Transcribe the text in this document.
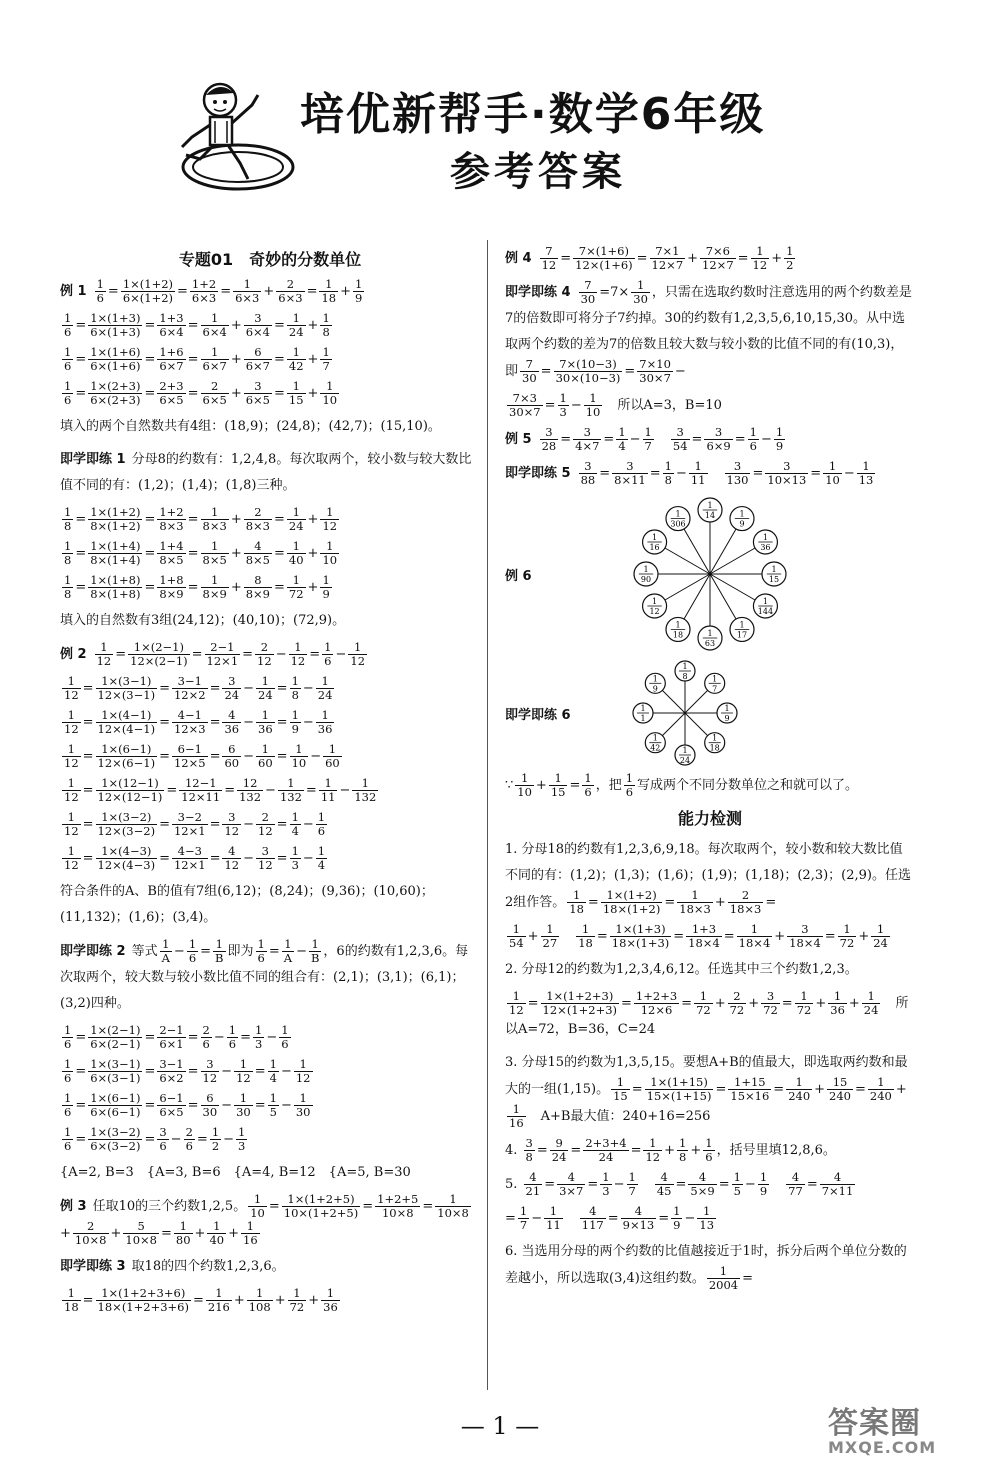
培优新帮手·数学6年级
参考答案
专题01　奇妙的分数单位
例 $1 \frac{1}{6} = \frac{1\times(1+2)}{6\times(1+2)} = \frac{1+2}{6\times 3} = \frac{1}{6\times 3} + \frac{2}{6\times 3} = \frac{1}{18} + \frac{1}{9}$
$\frac{1}{6} = \frac{1\times(1+3)}{6\times(1+3)} = \frac{1+3}{6\times 4} = \frac{1}{6\times 4} + \frac{3}{6\times 4} = \frac{1}{24} + \frac{1}{8}$
$\frac{1}{6} = \frac{1\times(1+6)}{6\times(1+6)} = \frac{1+6}{6\times 7} = \frac{1}{6\times 7} + \frac{6}{6\times 7} = \frac{1}{42} + \frac{1}{7}$
$\frac{1}{6} = \frac{1\times(2+3)}{6\times(2+3)} = \frac{2+3}{6\times 5} = \frac{2}{6\times 5} + \frac{3}{6\times 5} = \frac{1}{15} + \frac{1}{10}$
填入的两个自然数共有4组：(18,9)；(24,8)；(42,7)；(15,10)。
即学即练 1 分母8的约数有：1,2,4,8。每次取两个，较小数与较大数比值不同的有：(1,2)；(1,4)；(1,8)三种。
$\frac{1}{8} = \frac{1\times(1+2)}{8\times(1+2)} = \frac{1+2}{8\times 3} = \frac{1}{8\times 3} + \frac{2}{8\times 3} = \frac{1}{24} + \frac{1}{12}$
$\frac{1}{8} = \frac{1\times(1+4)}{8\times(1+4)} = \frac{1+4}{8\times 5} = \frac{1}{8\times 5} + \frac{4}{8\times 5} = \frac{1}{40} + \frac{1}{10}$
$\frac{1}{8} = \frac{1\times(1+8)}{8\times(1+8)} = \frac{1+8}{8\times 9} = \frac{1}{8\times 9} + \frac{8}{8\times 9} = \frac{1}{72} + \frac{1}{9}$
填入的自然数有3组(24,12)；(40,10)；(72,9)。
例 $2 \frac{1}{12} = \frac{1\times(2-1)}{12\times(2-1)} = \frac{2-1}{12\times 1} = \frac{2}{12} - \frac{1}{12} = \frac{1}{6} - \frac{1}{12}$
$\frac{1}{12} = \frac{1\times(3-1)}{12\times(3-1)} = \frac{3-1}{12\times 2} = \frac{3}{24} - \frac{1}{24} = \frac{1}{8} - \frac{1}{24}$
$\frac{1}{12} = \frac{1\times(4-1)}{12\times(4-1)} = \frac{4-1}{12\times 3} = \frac{4}{36} - \frac{1}{36} = \frac{1}{9} - \frac{1}{36}$
$\frac{1}{12} = \frac{1\times(6-1)}{12\times(6-1)} = \frac{6-1}{12\times 5} = \frac{6}{60} - \frac{1}{60} = \frac{1}{10} - \frac{1}{60}$
$\frac{1}{12} = \frac{1\times(12-1)}{12\times(12-1)} = \frac{12-1}{12\times 11} = \frac{12}{132} - \frac{1}{132} = \frac{1}{11} - \frac{1}{132}$
$\frac{1}{12} = \frac{1\times(3-2)}{12\times(3-2)} = \frac{3-2}{12\times 1} = \frac{3}{12} - \frac{2}{12} = \frac{1}{4} - \frac{1}{6}$
$\frac{1}{12} = \frac{1\times(4-3)}{12\times(4-3)} = \frac{4-3}{12\times 1} = \frac{4}{12} - \frac{3}{12} = \frac{1}{3} - \frac{1}{4}$
符合条件的A、B的值有7组(6,12)；(8,24)；(9,36)；(10,60)；(11,132)；(1,6)；(3,4)。
即学即练 2 等式 $\frac{1}{A} - \frac{1}{6} = \frac{1}{B}$ 即为 $\frac{1}{6} = \frac{1}{A} - \frac{1}{B}$ ，6的约数有1,2,3,6。每次取两个，较大数与较小数比值不同的组合有：(2,1)；(3,1)；(6,1)；(3,2)四种。
$\frac{1}{6} = \frac{1\times(2-1)}{6\times(2-1)} = \frac{2-1}{6\times 1} = \frac{2}{6} - \frac{1}{6} = \frac{1}{3} - \frac{1}{6}$
$\frac{1}{6} = \frac{1\times(3-1)}{6\times(3-1)} = \frac{3-1}{6\times 2} = \frac{3}{12} - \frac{1}{12} = \frac{1}{4} - \frac{1}{12}$
$\frac{1}{6} = \frac{1\times(6-1)}{6\times(6-1)} = \frac{6-1}{6\times 5} = \frac{6}{30} - \frac{1}{30} = \frac{1}{5} - \frac{1}{30}$
$\frac{1}{6} = \frac{1\times(3-2)}{6\times(3-2)} = \frac{3}{6} - \frac{2}{6} = \frac{1}{2} - \frac{1}{3}$
{A=2, B=3　{A=3, B=6　{A=4, B=12　{A=5, B=30
例 3 任取10的三个约数1,2,5。 $\frac{1}{10} = \frac{1\times(1+2+5)}{10\times(1+2+5)} = \frac{1+2+5}{10\times 8} = \frac{1}{10\times 8}$
+ $\frac{2}{10\times 8} + \frac{5}{10\times 8} = \frac{1}{80} + \frac{1}{40} + \frac{1}{16}$
即学即练 3 取18的四个约数1,2,3,6。
$\frac{1}{18} = \frac{1\times(1+2+3+6)}{18\times(1+2+3+6)} = \frac{1}{216} + \frac{1}{108} + \frac{1}{72} + \frac{1}{36}$
例 $4 \frac{7}{12} = \frac{7\times(1+6)}{12\times(1+6)} = \frac{7\times 1}{12\times 7} + \frac{7\times 6}{12\times 7} = \frac{1}{12} + \frac{1}{2}$
即学即练 $4 \frac{7}{30} =7\times \frac{1}{30}$ ，只需在选取约数时注意选用的两个约数差是7的倍数即可将分子7约掉。30的约数有1,2,3,5,6,10,15,30。从中选取两个约数的差为7的倍数且较大数与较小数的比值不同的有(10,3)，即 $\frac{7}{30} = \frac{7\times(10-3)}{30\times(10-3)} = \frac{7\times 10}{30\times 7}$ −
$\frac{7\times 3}{30\times 7} = \frac{1}{3} - \frac{1}{10}$ 　所以A=3，B=10
例 $5 \frac{3}{28} = \frac{3}{4\times 7} = \frac{1}{4} - \frac{1}{7}$
　 $\frac{3}{54} = \frac{3}{6\times 9} = \frac{1}{6} - \frac{1}{9}$
即学即练 $5 \frac{3}{88} = \frac{3}{8\times 11} = \frac{1}{8} - \frac{1}{11}$
　 $\frac{3}{130} = \frac{3}{10\times 13} = \frac{1}{10} - \frac{1}{13}$
例 6
1
14	1
9
1
36
1
15
1
144
1
17
1
63
1
18
1
12
1
90
1
16
1
306
即学即练 6
1
8	1
7
1
9
1
18
1
24
1
42
1
1
1
9
∵ $\frac{1}{10} + \frac{1}{15} = \frac{1}{6}$ ，把 $\frac{1}{6}$ 写成两个不同分数单位之和就可以了。
能力检测
1. 分母18的约数有1,2,3,6,9,18。每次取两个，较小数和较大数比值不同的有：(1,2)；(1,3)；(1,6)；(1,9)；(1,18)；(2,3)；(2,9)。任选2组作答。 $\frac{1}{18} = \frac{1\times(1+2)}{18\times(1+2)} = \frac{1}{18\times 3} + \frac{2}{18\times 3}$ =
$\frac{1}{54} + \frac{1}{27}$
　 $\frac{1}{18} = \frac{1\times(1+3)}{18\times(1+3)} = \frac{1+3}{18\times 4} = \frac{1}{18\times 4} + \frac{3}{18\times 4} = \frac{1}{72} + \frac{1}{24}$
2. 分母12的约数为1,2,3,4,6,12。任选其中三个约数1,2,3。
$\frac{1}{12} = \frac{1\times(1+2+3)}{12\times(1+2+3)} = \frac{1+2+3}{12\times 6} = \frac{1}{72} + \frac{2}{72} + \frac{3}{72} = \frac{1}{72} + \frac{1}{36} + \frac{1}{24}$ 　所以A=72，B=36，C=24
3. 分母15的约数为1,3,5,15。要想A+B的值最大，即选取两约数和最大的一组(1,15)。 $\frac{1}{15} = \frac{1\times(1+15)}{15\times(1+15)} = \frac{1+15}{15\times 16} = \frac{1}{240} + \frac{15}{240} = \frac{1}{240}$ +
$\frac{1}{16}$ 　A+B最大值：240+16=256
4. $\frac{3}{8} = \frac{9}{24} = \frac{2+3+4}{24} = \frac{1}{12} + \frac{1}{8} + \frac{1}{6}$ ，括号里填12,8,6。
5. $\frac{4}{21} = \frac{4}{3\times 7} = \frac{1}{3} - \frac{1}{7}$
　 $\frac{4}{45} = \frac{4}{5\times 9} = \frac{1}{5} - \frac{1}{9}$
　 $\frac{4}{77} = \frac{4}{7\times 11}$
= $\frac{1}{7} - \frac{1}{11}$
　 $\frac{4}{117} = \frac{4}{9\times 13} = \frac{1}{9} - \frac{1}{13}$
6. 当选用分母的两个约数的比值越接近于1时，拆分后两个单位分数的差越小，所以选取(3,4)这组约数。 $\frac{1}{2004}$ =
— 1 —	答案圈
MXQE.COM
